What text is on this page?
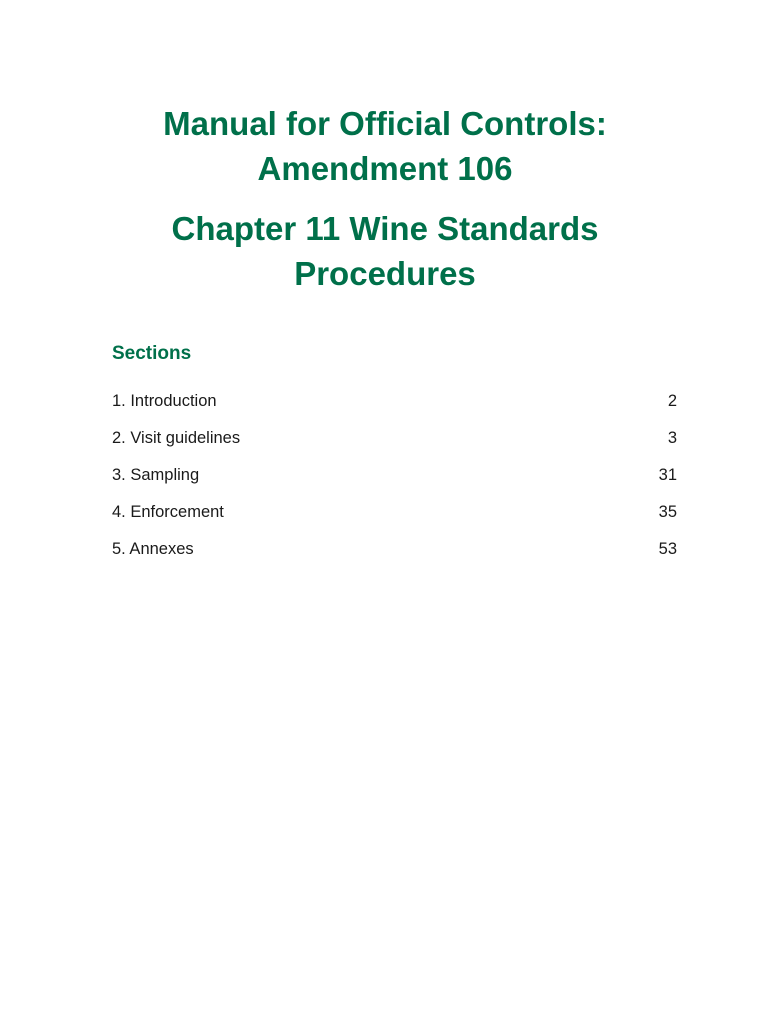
Manual for Official Controls:
Amendment 106
Chapter 11 Wine Standards
Procedures
Sections
1. Introduction	2
2. Visit guidelines	3
3. Sampling	31
4. Enforcement	35
5. Annexes	53
